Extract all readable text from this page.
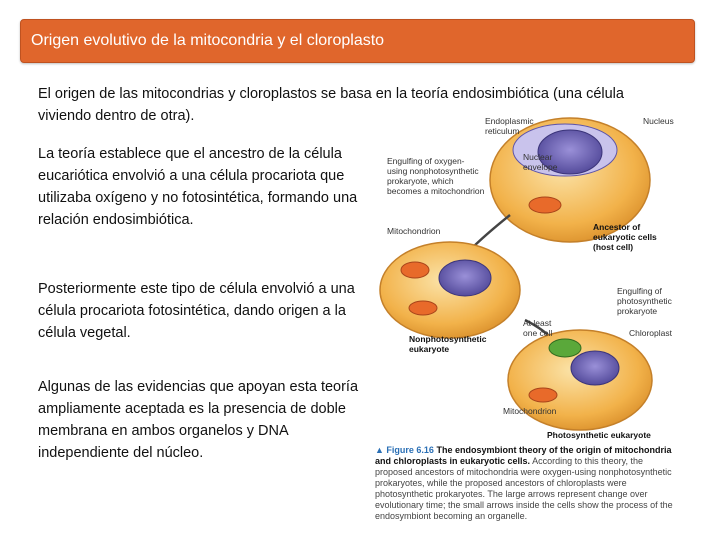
Origen evolutivo de la mitocondria y el cloroplasto

El origen de las mitocondrias y cloroplastos se basa en la teoría endosimbiótica (una célula viviendo dentro de otra).

La teoría establece que el ancestro de la célula eucariótica envolvió a una célula procariota que utilizaba oxígeno y no fotosintética, formando una relación endosimbiótica.

Posteriormente este tipo de célula envolvió a una célula procariota fotosintética, dando origen a la célula vegetal.

Algunas de las evidencias que apoyan esta teoría ampliamente aceptada es la presencia de doble membrana en ambos organelos y DNA independiente del núcleo.

Endoplasmic
reticulum
Nucleus
Engulfing of oxygen-
using nonphotosynthetic
prokaryote, which
becomes a mitochondrion
Nuclear
envelope
Mitochondrion	Ancestor of
eukaryotic cells
(host cell)
Engulfing of
photosynthetic
prokaryote
At least
one cell	Chloroplast
Nonphotosynthetic
eukaryote
Mitochondrion
Photosynthetic eukaryote
▲ Figure 6.16 The endosymbiont theory of the origin of mitochondria and chloroplasts in eukaryotic cells. According to this theory, the proposed ancestors of mitochondria were oxygen-using nonphotosynthetic prokaryotes, while the proposed ancestors of chloroplasts were photosynthetic prokaryotes. The large arrows represent change over evolutionary time; the small arrows inside the cells show the process of the endosymbiont becoming an organelle.
